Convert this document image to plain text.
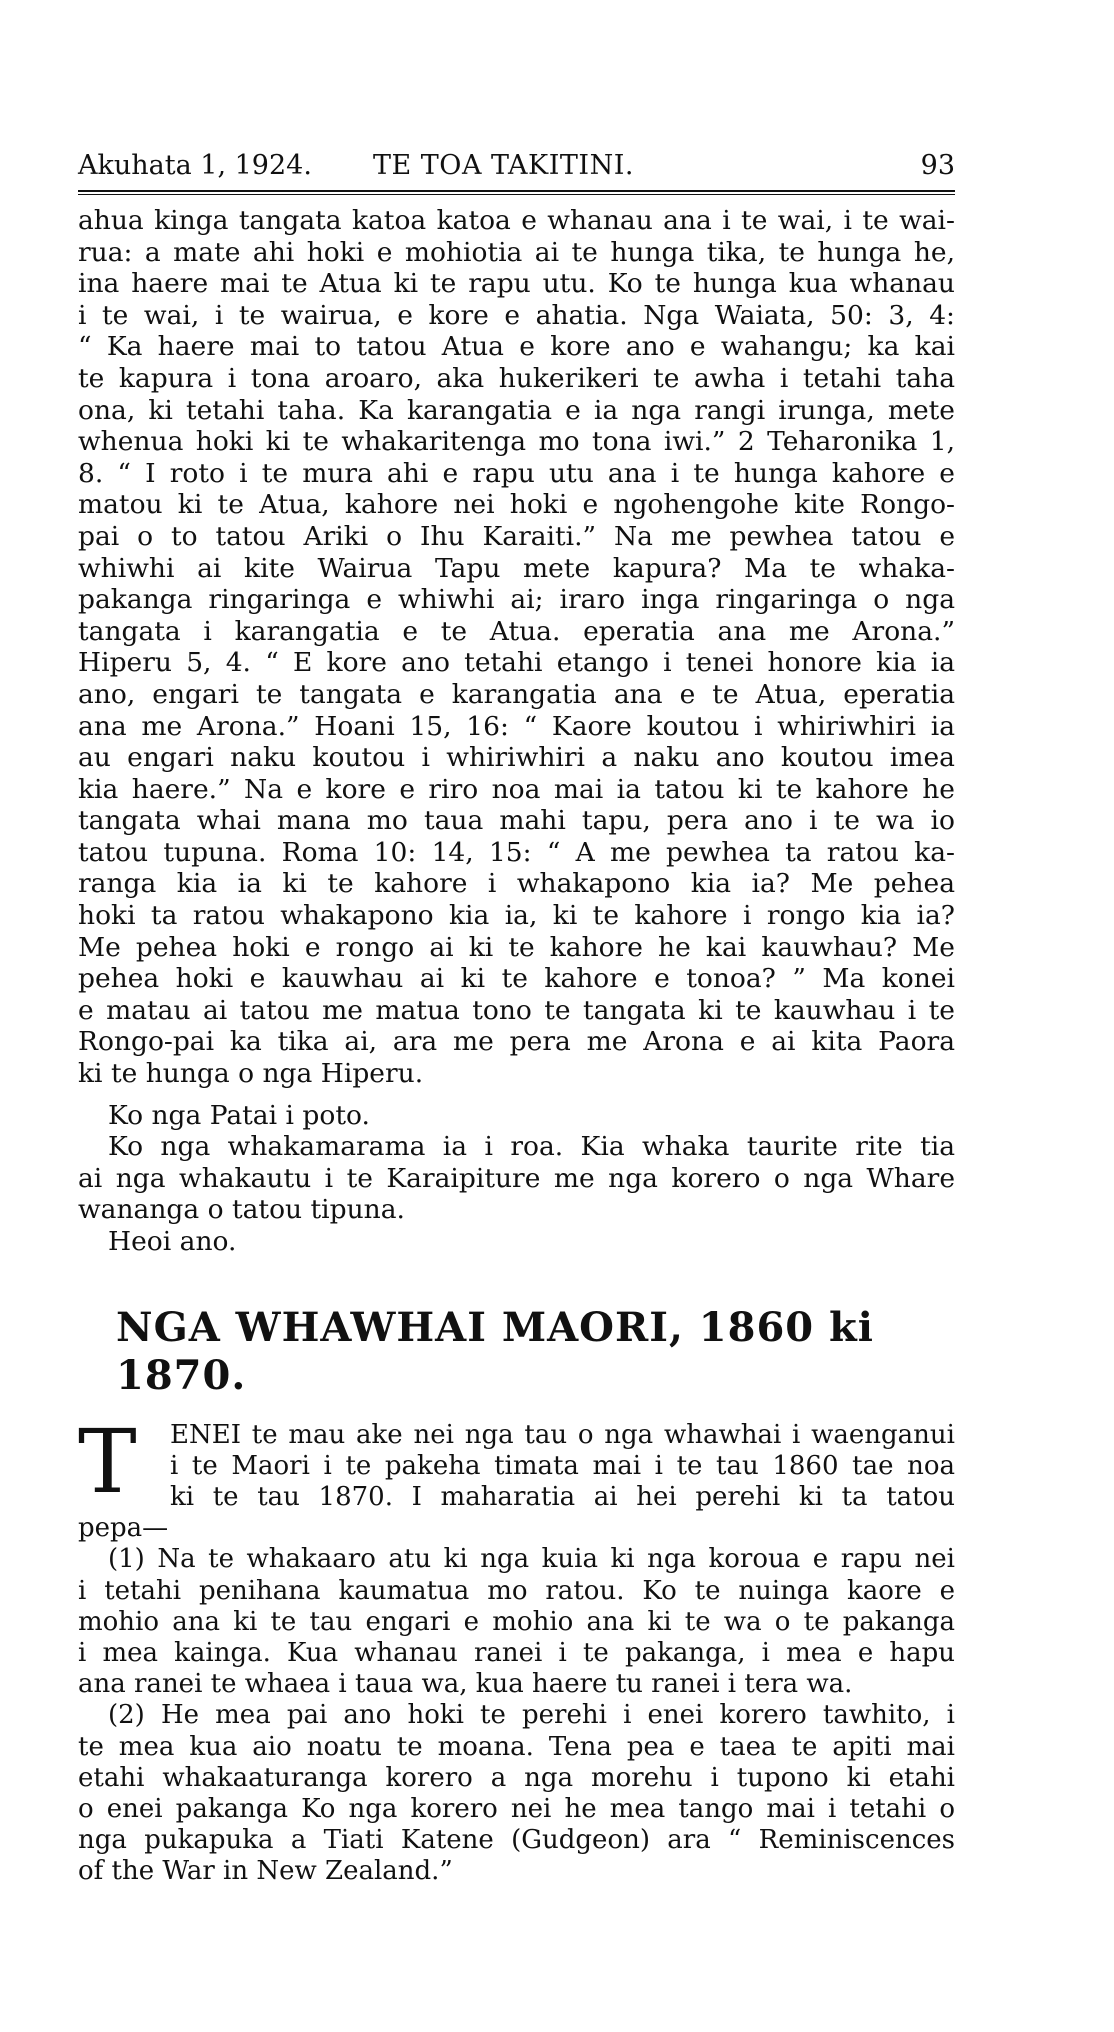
Akuhata 1, 1924. TE TOA TAKITINI.	93
ahua kinga tangata katoa katoa e whanau ana i te wai, i te wai-
rua: a mate ahi hoki e mohiotia ai te hunga tika, te hunga he,
ina haere mai te Atua ki te rapu utu. Ko te hunga kua whanau
i te wai, i te wairua, e kore e ahatia. Nga Waiata, 50: 3, 4:
“ Ka haere mai to tatou Atua e kore ano e wahangu; ka kai
te kapura i tona aroaro, aka hukerikeri te awha i tetahi taha
ona, ki tetahi taha. Ka karangatia e ia nga rangi irunga, mete
whenua hoki ki te whakaritenga mo tona iwi.” 2 Teharonika 1,
8. “ I roto i te mura ahi e rapu utu ana i te hunga kahore e
matou ki te Atua, kahore nei hoki e ngohengohe kite Rongo-
pai o to tatou Ariki o Ihu Karaiti.” Na me pewhea tatou e
whiwhi ai kite Wairua Tapu mete kapura? Ma te whaka-
pakanga ringaringa e whiwhi ai; iraro inga ringaringa o nga
tangata i karangatia e te Atua. eperatia ana me Arona.”
Hiperu 5, 4. “ E kore ano tetahi etango i tenei honore kia ia
ano, engari te tangata e karangatia ana e te Atua, eperatia
ana me Arona.” Hoani 15, 16: “ Kaore koutou i whiriwhiri ia
au engari naku koutou i whiriwhiri a naku ano koutou imea
kia haere.” Na e kore e riro noa mai ia tatou ki te kahore he
tangata whai mana mo taua mahi tapu, pera ano i te wa io
tatou tupuna. Roma 10: 14, 15: “ A me pewhea ta ratou ka-
ranga kia ia ki te kahore i whakapono kia ia? Me pehea
hoki ta ratou whakapono kia ia, ki te kahore i rongo kia ia?
Me pehea hoki e rongo ai ki te kahore he kai kauwhau? Me
pehea hoki e kauwhau ai ki te kahore e tonoa? ” Ma konei
e matau ai tatou me matua tono te tangata ki te kauwhau i te
Rongo-pai ka tika ai, ara me pera me Arona e ai kita Paora
ki te hunga o nga Hiperu.
Ko nga Patai i poto.
Ko nga whakamarama ia i roa. Kia whaka taurite rite tia
ai nga whakautu i te Karaipiture me nga korero o nga Whare
wananga o tatou tipuna.
Heoi ano.
NGA WHAWHAI MAORI, 1860 ki 1870.
T	ENEI te mau ake nei nga tau o nga whawhai i waenganui
i te Maori i te pakeha timata mai i te tau 1860 tae noa
ki te tau 1870. I maharatia ai hei perehi ki ta tatou
pepa—
(1) Na te whakaaro atu ki nga kuia ki nga koroua e rapu nei
i tetahi penihana kaumatua mo ratou. Ko te nuinga kaore e
mohio ana ki te tau engari e mohio ana ki te wa o te pakanga
i mea kainga. Kua whanau ranei i te pakanga, i mea e hapu
ana ranei te whaea i taua wa, kua haere tu ranei i tera wa.
(2) He mea pai ano hoki te perehi i enei korero tawhito, i
te mea kua aio noatu te moana. Tena pea e taea te apiti mai
etahi whakaaturanga korero a nga morehu i tupono ki etahi
o enei pakanga Ko nga korero nei he mea tango mai i tetahi o
nga pukapuka a Tiati Katene (Gudgeon) ara “ Reminiscences
of the War in New Zealand.”
